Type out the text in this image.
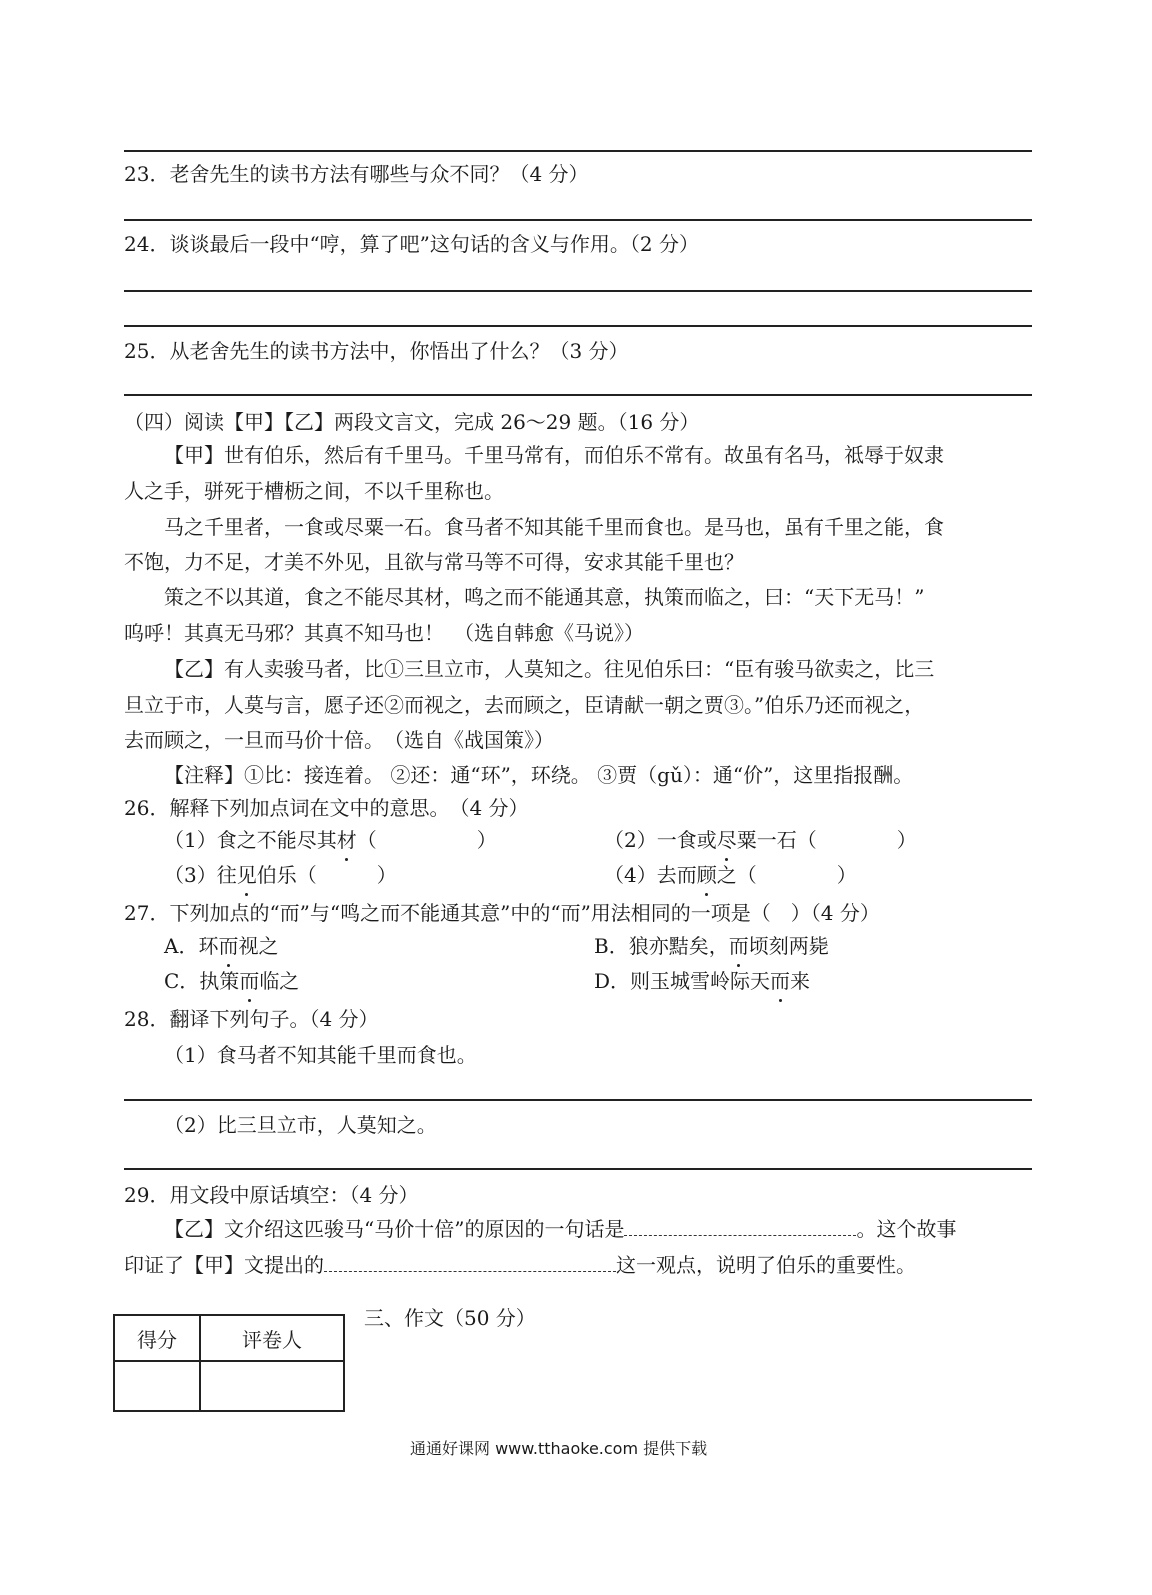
23．老舍先生的读书方法有哪些与众不同？（4 分）
24．谈谈最后一段中“哼，算了吧”这句话的含义与作用。（2 分）
25．从老舍先生的读书方法中，你悟出了什么？（3 分）
（四）阅读【甲】【乙】两段文言文，完成 26～29 题。（16 分）
【甲】世有伯乐，然后有千里马。千里马常有，而伯乐不常有。故虽有名马，祗辱于奴隶
人之手，骈死于槽枥之间，不以千里称也。
马之千里者，一食或尽粟一石。食马者不知其能千里而食也。是马也，虽有千里之能，食
不饱，力不足，才美不外见，且欲与常马等不可得，安求其能千里也？
策之不以其道，食之不能尽其材，鸣之而不能通其意，执策而临之，曰：“天下无马！”
呜呼！其真无马邪？其真不知马也！　（选自韩愈《马说》）
【乙】有人卖骏马者，比①三旦立市，人莫知之。往见伯乐曰：“臣有骏马欲卖之，比三
旦立于市，人莫与言，愿子还②而视之，去而顾之，臣请献一朝之贾③。”伯乐乃还而视之，
去而顾之，一旦而马价十倍。　（选自《战国策》）
【注释】①比：接连着。 ②还：通“环”，环绕。 ③贾（gǔ）：通“价”，这里指报酬。
26．解释下列加点词在文中的意思。　（4 分）
（1）食之不能尽其材（　　　　　）	（2）一食或尽粟一石（　　　　）
（3）往见伯乐（　　　）	（4）去而顾之（　　　　）
27．下列加点的“而”与“鸣之而不能通其意”中的“而”用法相同的一项是（　）（4 分）
A．环而视之	B．狼亦黠矣，而顷刻两毙
C．执策而临之	D．则玉城雪岭际天而来
28．翻译下列句子。（4 分）
（1）食马者不知其能千里而食也。
（2）比三旦立市，人莫知之。
29．用文段中原话填空：（4 分）
【乙】文介绍这匹骏马“马价十倍”的原因的一句话是	。这个故事
印证了【甲】文提出的	这一观点，说明了伯乐的重要性。
得分	评卷人

三、作文（50 分）
通通好课网 www.tthaoke.com 提供下载
